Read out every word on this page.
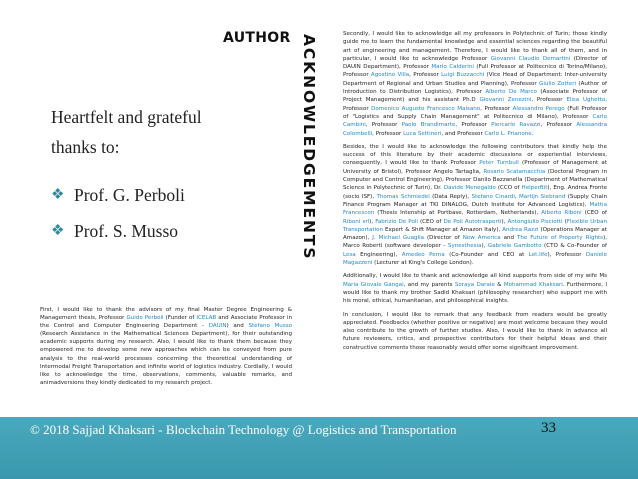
AUTHOR ACKNOWLEDGEMENTS
Heartfelt and grateful thanks to:
❖ Prof. G. Perboli
❖ Prof. S. Musso
First, I would like to thank the advisors of my final Master Degree Engineering & Management thesis, Professor Guido Perboli (Funder of ICELAB and Associate Professor in the Control and Computer Engineering Department - DAUIN) and Stefano Musso (Research Assistance in the Mathematical Sciences Department), for their outstanding academic supports during my research. Also, I would like to thank them because they empowered me to develop some new approaches which can be conveyed from pure analysis to the real-world processes concerning the theoretical understanding of Intermodal Freight Transportation and infinite world of logistics industry. Cordially, I would like to acknowledge the time, observations, comments, valuable remarks, and animadversions they kindly dedicated to my research project.

Secondly, I would like to acknowledge all my professors in Polytechnic of Turin; those kindly guide me to learn the fundamental knowledge and essential sciences regarding the beautiful art of engineering and management. Therefore, I would like to thank all of them, and in particular, I would like to acknowledge Professor Giovanni Claudio Demartini (Director of DAUIN Department), Professor Mario Calderini (Full Professor at Politecnico di Torino/Milano), Professor Agostino Villa, Professor Luigi Buzzacchi (Vice Head of Department: Inter-university Department of Regional and Urban Studies and Planning), Professor Giulio Zotteri (Author of Introduction to Distribution Logistics), Professor Alberto De Marco (Associate Professor of Project Management) and his assistant Ph.D Giovanni Zenezini, Professor Elisa Ughetto, Professor Domenico Augusto Francesco Maisano, Professor Alessandro Perego (Full Professor of "Logistics and Supply Chain Management" at Politecnico di Milano), Professor Carlo Cambini, Professor Paolo Brandimarte, Professor Piercarlo Ravazzi, Professor Alessandra Colombelli, Professor Luca Settineri, and Professor Carlo L. Prianone.

Besides, the I would like to acknowledge the following contributors that kindly help the success of this literature by their academic discussions or experiential interviews, consequently, I would like to thank Professor Peter Turnbull (Professor of Management at University of Bristol), Professor Angelo Tartaglia, Rosario Scatamacchia (Doctoral Program in Computer and Control Engineering), Professor Danilo Bazzanella (Department of Mathematical Science in Polytechnic of Turin), Dr. Davide Menegaldo (CCO of HelperBit), Eng. Andrea Fronte (socio ISF), Thomas Schmiedel (Data Reply), Stefano Cinardi, Martijn Siebrand (Supply Chain Finance Program Manager at TKI DINALOG, Dutch Institute for Advanced Logistics), Mattia Francescon (Thesis Intenship at Portbase, Rotterdam, Netherlands), Alberto Riboni (CEO of Riboni srl), Fabrizio De Poli (CEO of De Poli Autotrasporti), Antongiulio Pisciotti (Flexible Urban Transportation Expert & Shift Manager at Amazon Italy), Andrea Razzi (Operations Manager at Amazon), J. Michael Guaglia (Director of New America and The Future of Property Rights), Marco Roberti (software developer - Synesthesia), Gabriele Gambotto (CTO & Co-Founder of Lesa Engineering), Amedeo Perna (Co-Founder and CEO at Let.life), Professor Daniele Magazzeni (Lecturer at King's College London).

Additionally, I would like to thank and acknowledge all kind supports from side of my wife Ms Maria Giovale Gangai, and my parents Soraya Daraie & Mohammad Khaksari. Furthermore, I would like to thank my brother Sadid Khaksari (philosophy researcher) who support me with his moral, ethical, humanitarian, and philosophical insights.

In conclusion, I would like to remark that any feedback from readers would be greatly appreciated. Feedbacks (whether positive or negative) are most welcome because they would also contribute to the growth of further studies. Also, I would like to thank in advance all future reviewers, critics, and prospective contributors for their helpful ideas and their constructive comments those reasonably would offer some significant improvement.

© 2018 Sajjad Khaksari - Blockchain Technology @ Logistics and Transportation	33
